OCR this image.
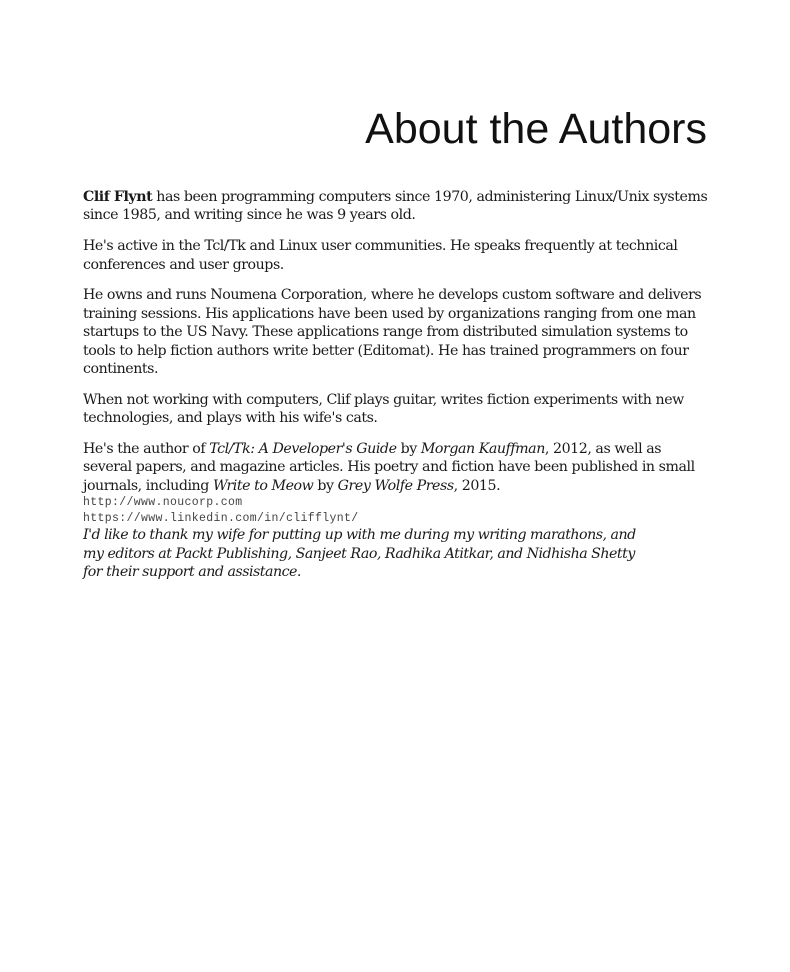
About the Authors

Clif Flynt has been programming computers since 1970, administering Linux/Unix systems since 1985, and writing since he was 9 years old.

He's active in the Tcl/Tk and Linux user communities. He speaks frequently at technical conferences and user groups.

He owns and runs Noumena Corporation, where he develops custom software and delivers training sessions. His applications have been used by organizations ranging from one man startups to the US Navy. These applications range from distributed simulation systems to tools to help fiction authors write better (Editomat). He has trained programmers on four continents.

When not working with computers, Clif plays guitar, writes fiction experiments with new technologies, and plays with his wife's cats.

He's the author of Tcl/Tk: A Developer's Guide by Morgan Kauffman, 2012, as well as several papers, and magazine articles. His poetry and fiction have been published in small journals, including Write to Meow by Grey Wolfe Press, 2015.

http://www.noucorp.com
https://www.linkedin.com/in/clifflynt/

I'd like to thank my wife for putting up with me during my writing marathons, and my editors at Packt Publishing, Sanjeet Rao, Radhika Atitkar, and Nidhisha Shetty for their support and assistance.
